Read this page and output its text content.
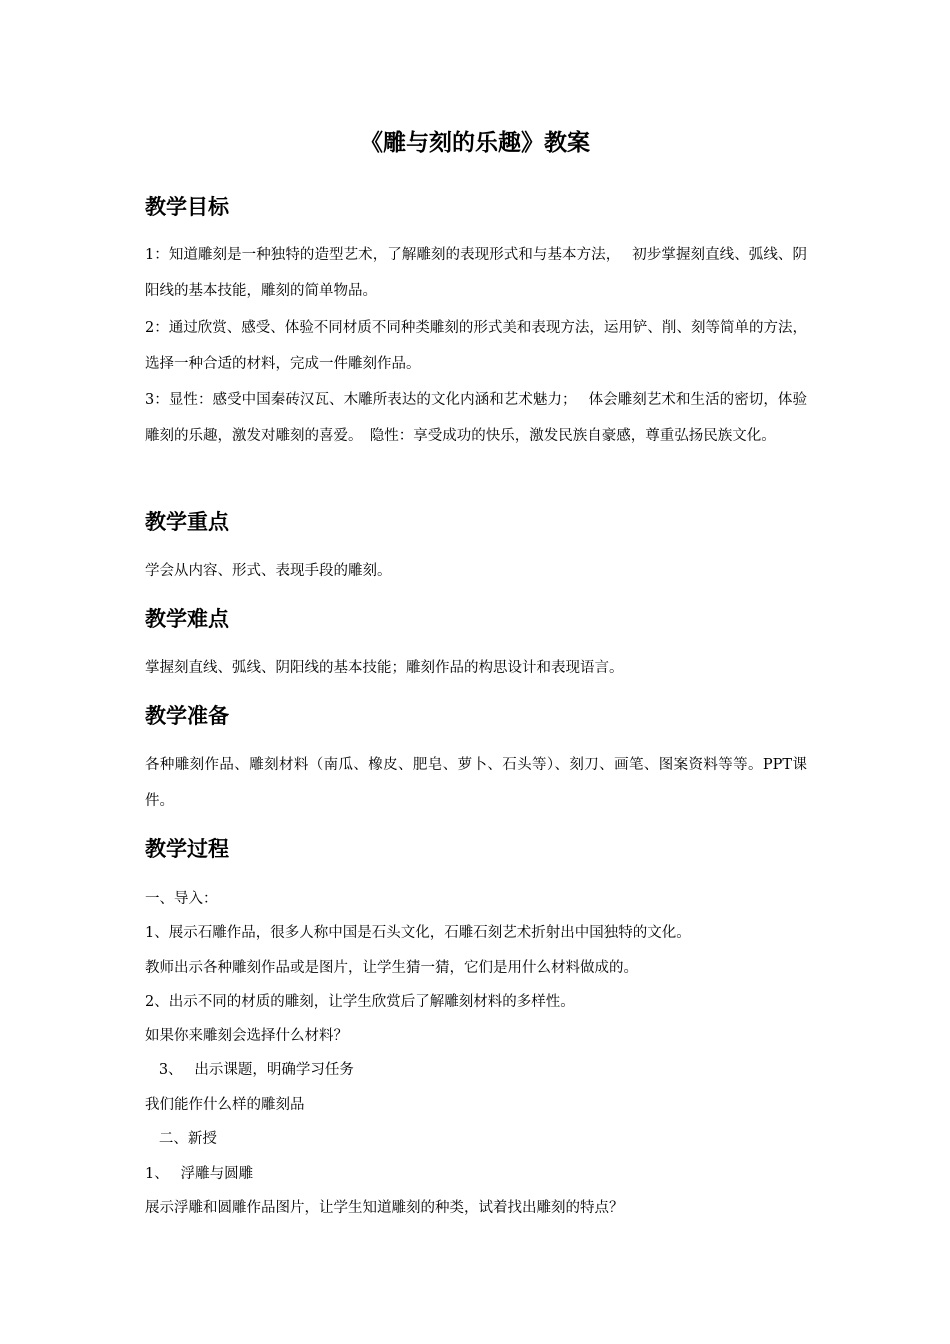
《雕与刻的乐趣》教案
教学目标
1：知道雕刻是一种独特的造型艺术，了解雕刻的表现形式和与基本方法，　 初步掌握刻直线、弧线、阴阳线的基本技能，雕刻的简单物品。
2：通过欣赏、感受、体验不同材质不同种类雕刻的形式美和表现方法，运用铲、削、刻等简单的方法，选择一种合适的材料，完成一件雕刻作品。
3：显性：感受中国秦砖汉瓦、木雕所表达的文化内涵和艺术魅力；　 体会雕刻艺术和生活的密切，体验雕刻的乐趣，激发对雕刻的喜爱。　隐性：享受成功的快乐，激发民族自豪感，尊重弘扬民族文化。
教学重点
学会从内容、形式、表现手段的雕刻。
教学难点
掌握刻直线、弧线、阴阳线的基本技能；雕刻作品的构思设计和表现语言。
教学准备
各种雕刻作品、雕刻材料（南瓜、橡皮、肥皂、萝卜、石头等）、刻刀、画笔、图案资料等等。PPT课件。
教学过程
一、导入：
1、展示石雕作品，很多人称中国是石头文化，石雕石刻艺术折射出中国独特的文化。
教师出示各种雕刻作品或是图片，让学生猜一猜，它们是用什么材料做成的。
2、出示不同的材质的雕刻，让学生欣赏后了解雕刻材料的多样性。
如果你来雕刻会选择什么材料？
3、　 出示课题，明确学习任务
我们能作什么样的雕刻品
二、新授
1、　 浮雕与圆雕
展示浮雕和圆雕作品图片，让学生知道雕刻的种类，试着找出雕刻的特点？
